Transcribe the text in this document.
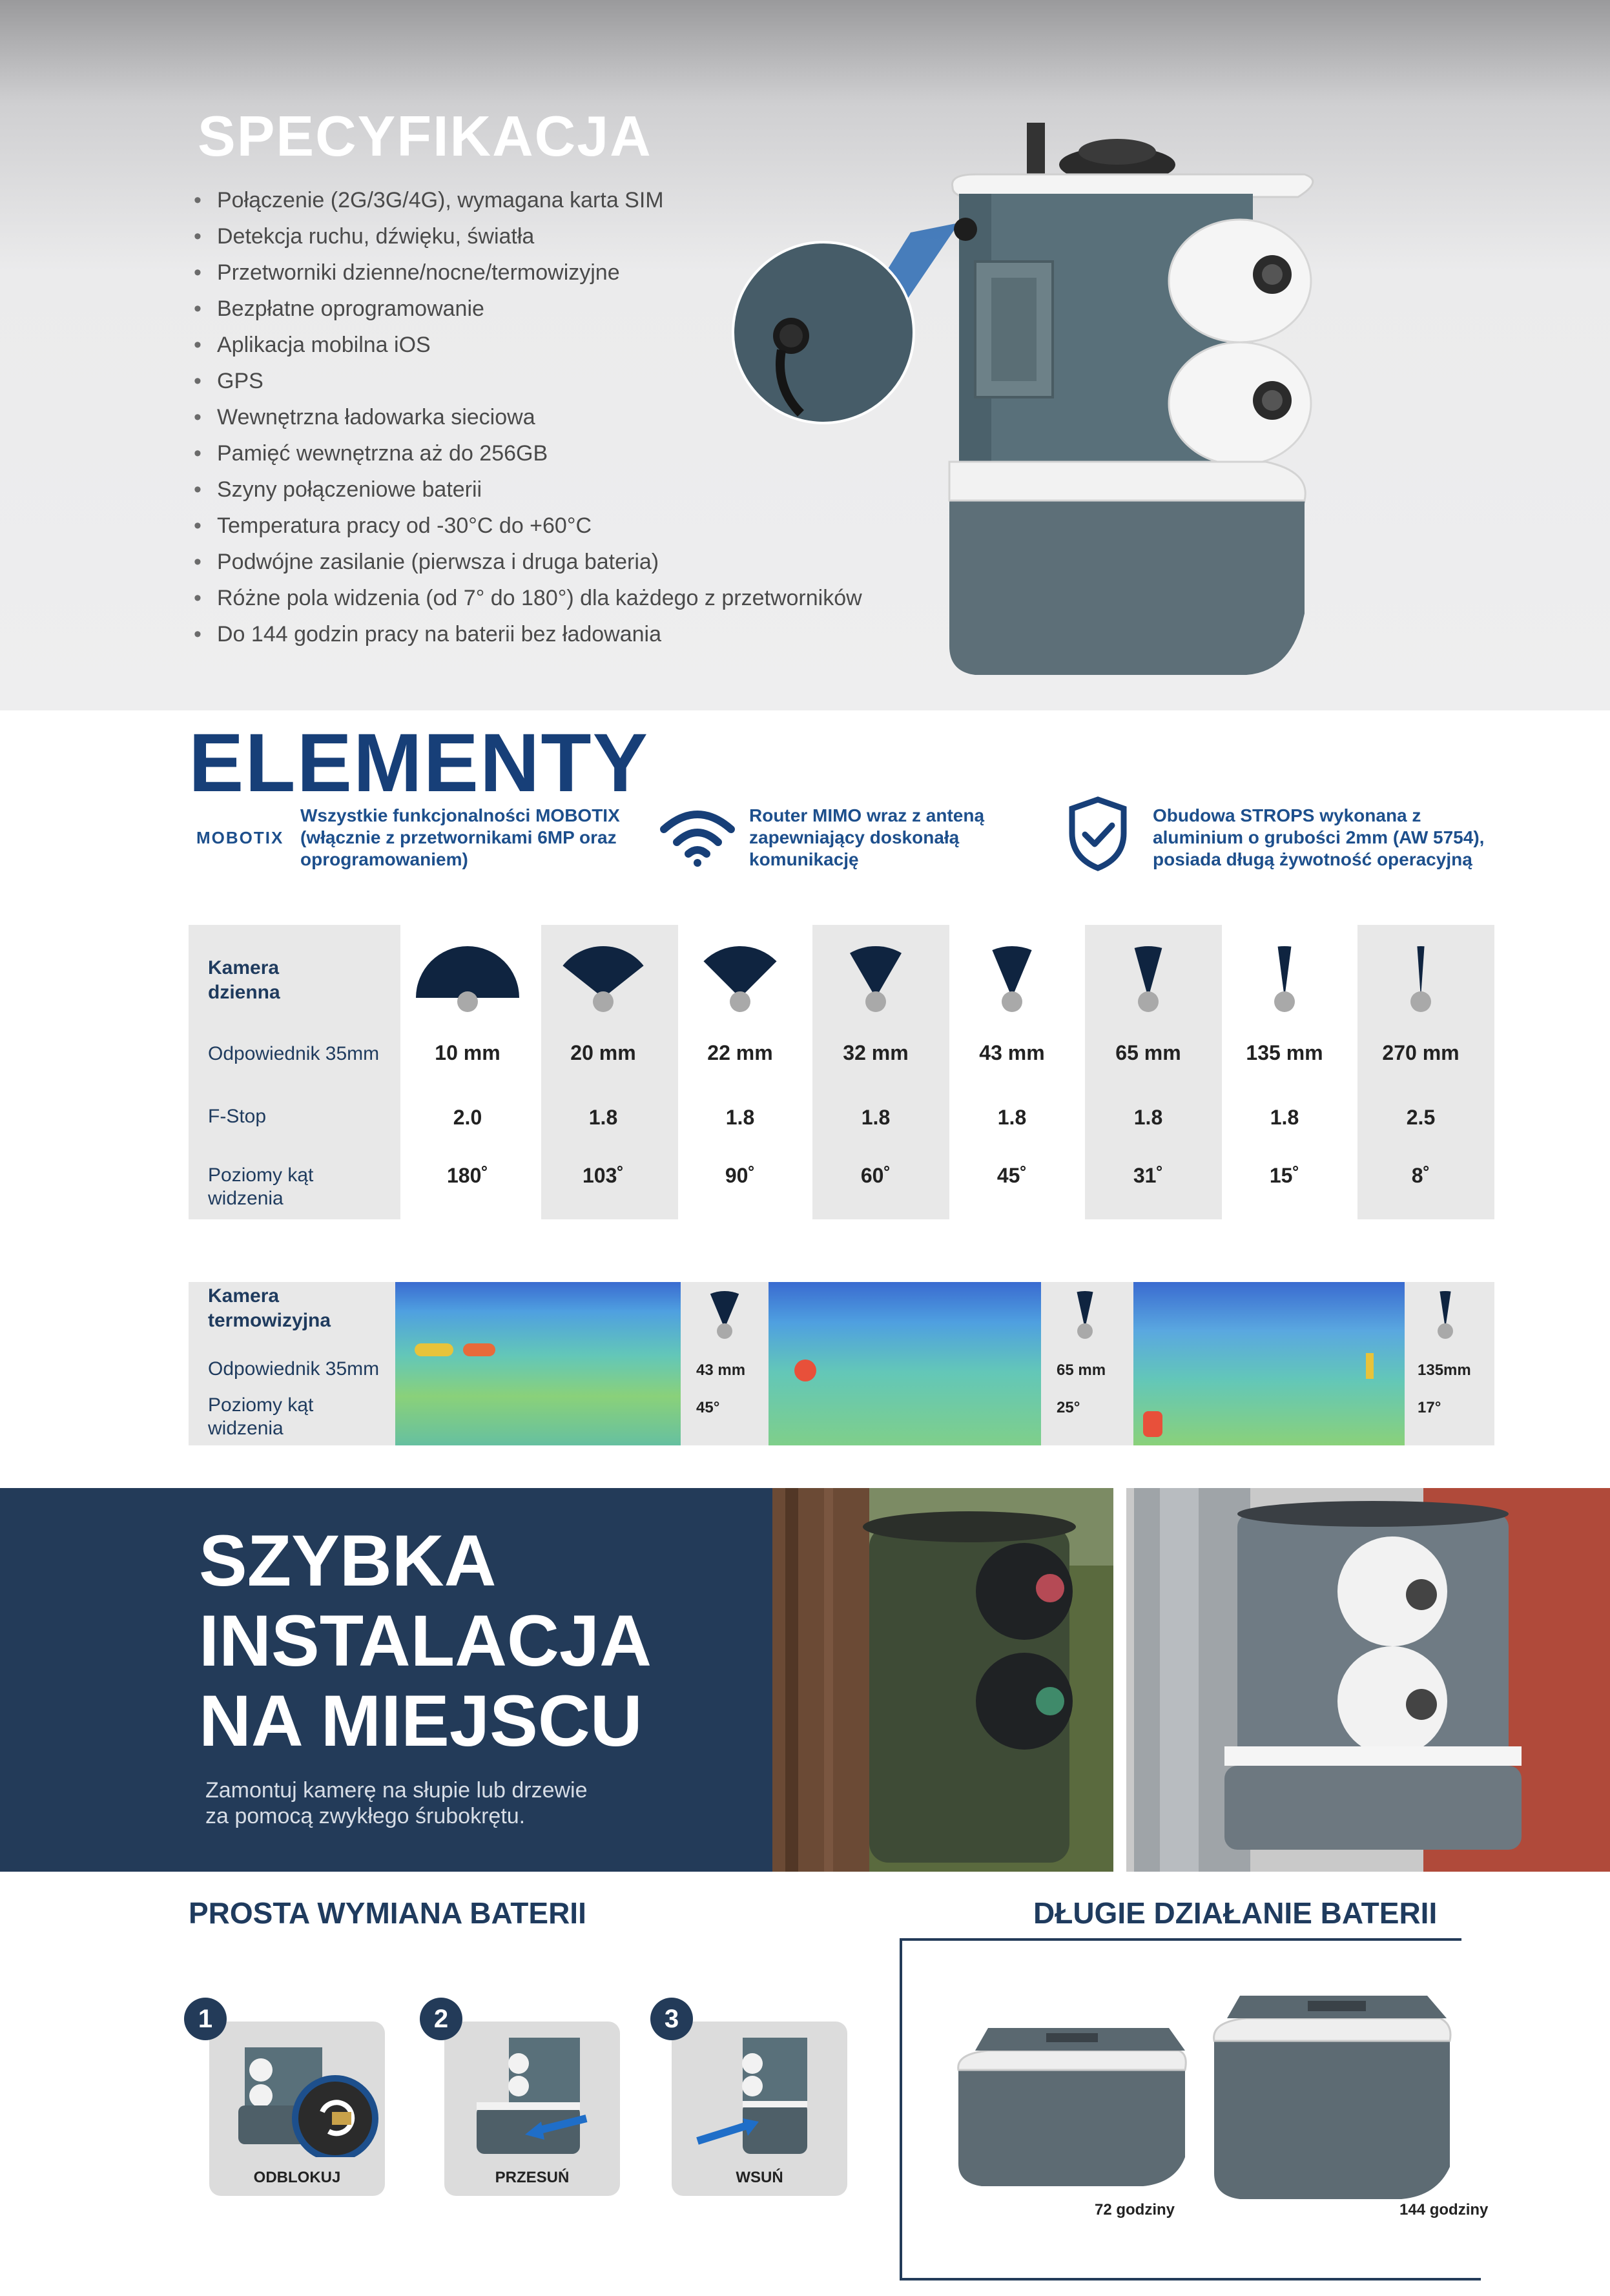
SPECYFIKACJA
• Połączenie (2G/3G/4G), wymagana karta SIM
• Detekcja ruchu, dźwięku, światła
• Przetworniki dzienne/nocne/termowizyjne
• Bezpłatne oprogramowanie
• Aplikacja mobilna iOS
• GPS
• Wewnętrzna ładowarka sieciowa
• Pamięć wewnętrzna aż do 256GB
• Szyny połączeniowe baterii
• Temperatura pracy od -30°C do +60°C
• Podwójne zasilanie (pierwsza i druga bateria)
• Różne pola widzenia (od 7° do 180°) dla każdego z przetworników
• Do 144 godzin pracy na baterii bez ładowania
ELEMENTY
MOBOTIX
Wszystkie funkcjonalności MOBOTIX (włącznie z przetwornikami 6MP oraz oprogramowaniem)
Router MIMO wraz z anteną zapewniający doskonałą komunikację
Obudowa STROPS wykonana z aluminium o grubości 2mm (AW 5754), posiada długą żywotność operacyjną
Kamera dzienna
Odpowiednik 35mm
F-Stop
Poziomy kąt widzenia
10 mm
2.0
180˚
20 mm
1.8
103˚
22 mm
1.8
90˚
32 mm
1.8
60˚
43 mm
1.8
45˚
65 mm
1.8
31˚
135 mm
1.8
15˚
270 mm
2.5
8˚
Kamera termowizyjna
Odpowiednik 35mm
Poziomy kąt widzenia
43 mm
45°
65 mm
25°
135mm
17°
SZYBKA
INSTALACJA
NA MIEJSCU
Zamontuj kamerę na słupie lub drzewie
za pomocą zwykłego śrubokrętu.
PROSTA WYMIANA BATERII	DŁUGIE DZIAŁANIE BATERII
ODBLOKUJ
1
PRZESUŃ
2
WSUŃ
3
72 godziny	144 godziny
